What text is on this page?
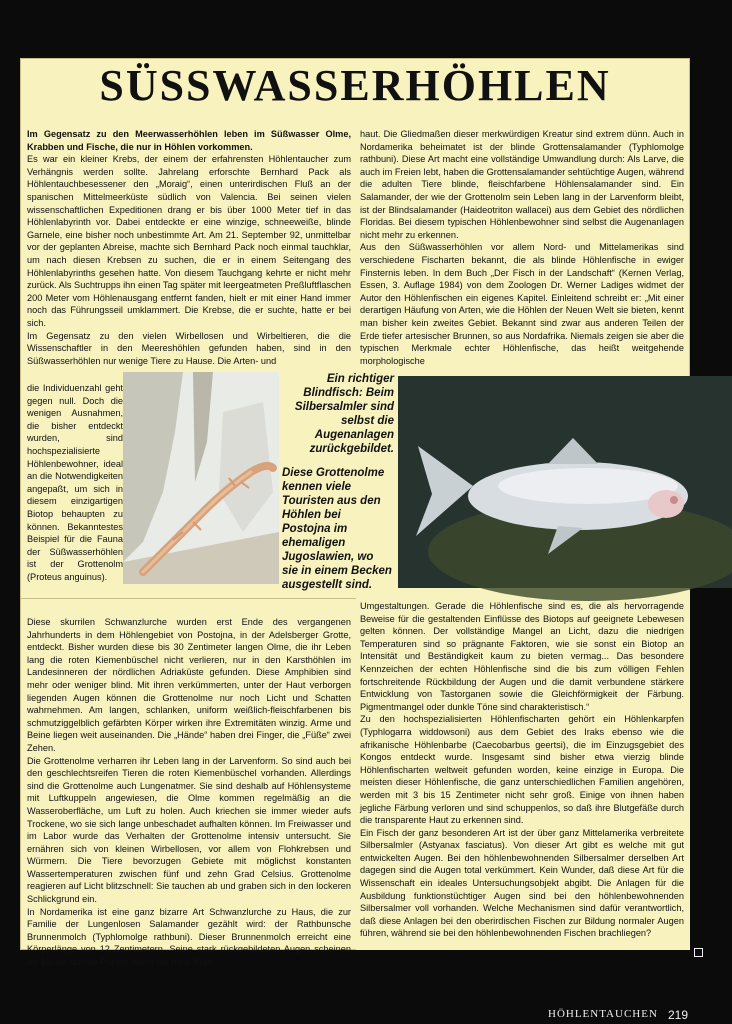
SÜSSWASSERHÖHLEN

Im Gegensatz zu den Meerwasserhöhlen leben im Süßwasser Olme, Krabben und Fische, die nur in Höhlen vorkommen.

Es war ein kleiner Krebs, der einem der erfahrensten Höhlentaucher zum Verhängnis werden sollte. Jahrelang erforschte Bernhard Pack als Höhlentauchbesessener den „Moraig“, einen unterirdischen Fluß an der spanischen Mittelmeerküste südlich von Valencia. Bei seinen vielen wissenschaftlichen Expeditionen drang er bis über 1000 Meter tief in das Höhlenlabyrinth vor. Dabei entdeckte er eine winzige, schneeweiße, blinde Garnele, eine bisher noch unbestimmte Art. Am 21. September 92, unmittelbar vor der geplanten Abreise, machte sich Bernhard Pack noch einmal tauchklar, um nach diesen Krebsen zu suchen, die er in einem Seitengang des Höhlenlabyrinths gesehen hatte. Von diesem Tauchgang kehrte er nicht mehr zurück. Als Suchtrupps ihn einen Tag später mit leergeatmeten Preßluftflaschen 200 Meter vom Höhlenausgang entfernt fanden, hielt er mit einer Hand immer noch das Führungsseil umklammert. Die Krebse, die er suchte, hatte er bei sich.

Im Gegensatz zu den vielen Wirbellosen und Wirbeltieren, die die Wissenschaftler in den Meereshöhlen gefunden haben, sind in den Süßwasserhöhlen nur wenige Tiere zu Hause. Die Arten- und

haut. Die Gliedmaßen dieser merkwürdigen Kreatur sind extrem dünn. Auch in Nordamerika beheimatet ist der blinde Grottensalamander (Typhlomolge rathbuni). Diese Art macht eine vollständige Umwandlung durch: Als Larve, die auch im Freien lebt, haben die Grottensalamander sehtüchtige Augen, während die adulten Tiere blinde, fleischfarbene Höhlensalamander sind. Ein Salamander, der wie der Grottenolm sein Leben lang in der Larvenform bleibt, ist der Blindsalamander (Haideotriton wallacei) aus dem Gebiet des nördlichen Floridas. Bei diesem typischen Höhlenbewohner sind selbst die Augenanlagen nicht mehr zu erkennen.

Aus den Süßwasserhöhlen vor allem Nord- und Mittelamerikas sind verschiedene Fischarten bekannt, die als blinde Höhlenfische in ewiger Finsternis leben. In dem Buch „Der Fisch in der Landschaft“ (Kernen Verlag, Essen, 3. Auflage 1984) von dem Zoologen Dr. Werner Ladiges widmet der Autor den Höhlenfischen ein eigenes Kapitel. Einleitend schreibt er: „Mit einer derartigen Häufung von Arten, wie die Höhlen der Neuen Welt sie bieten, kennt man bisher kein zweites Gebiet. Bekannt sind zwar aus anderen Teilen der Erde tiefer artesischer Brunnen, so aus Nordafrika. Niemals zeigen sie aber die typischen Merkmale echter Höhlenfische, das heißt weitgehende morphologische

die Individuenzahl geht gegen null. Doch die wenigen Ausnahmen, die bisher entdeckt wurden, sind hochspezialisierte Höhlenbewohner, ideal an die Notwendigkeiten angepaßt, um sich in diesem einzigartigen Biotop behaupten zu können. Bekanntestes Beispiel für die Fauna der Süßwasserhöhlen ist der Grottenolm (Proteus anguinus).

Diese skurrilen Schwanzlurche wurden erst Ende des vergangenen Jahrhunderts in dem Höhlengebiet von Postojna, in der Adelsberger Grotte, entdeckt. Bisher wurden diese bis 30 Zentimeter langen Olme, die ihr Leben lang die roten Kiemenbüschel nicht verlieren, nur in den Karsthöhlen im Landesinneren der nördlichen Adriaküste gefunden. Diese Amphibien sind mehr oder weniger blind. Mit ihren verkümmerten, unter der Haut verborgen liegenden Augen können die Grottenolme nur noch Licht und Schatten wahrnehmen. Am langen, schlanken, uniform weißlich-fleischfarbenen bis schmutziggelblich gefärbten Körper wirken ihre Extremitäten winzig. Arme und Beine liegen weit auseinanden. Die „Hände“ haben drei Finger, die „Füße“ zwei Zehen.

Die Grottenolme verharren ihr Leben lang in der Larvenform. So sind auch bei den geschlechtsreifen Tieren die roten Kiemenbüschel vorhanden. Allerdings sind die Grottenolme auch Lungenatmer. Sie sind deshalb auf Höhlensysteme mit Luftkuppeln angewiesen, die Olme kommen regelmäßig an die Wasseroberfläche, um Luft zu holen. Auch kriechen sie immer wieder aufs Trockene, wo sie sich lange unbeschadet aufhalten können. Im Freiwasser und im Labor wurde das Verhalten der Grottenolme intensiv untersucht. Sie ernähren sich von kleinen Wirbellosen, vor allem von Flohkrebsen und Würmern. Die Tiere bevorzugen Gebiete mit möglichst konstanten Wassertemperaturen zwischen fünf und zehn Grad Celsius. Grottenolme reagieren auf Licht blitzschnell: Sie tauchen ab und graben sich in den lockeren Schlickgrund ein.

In Nordamerika ist eine ganz bizarre Art Schwanzlurche zu Haus, die zur Familie der Lungenlosen Salamander gezählt wird: der Rathbunsche Brunnenmolch (Typhlomolge rathbuni). Dieser Brunnenmolch erreicht eine Körperlänge von 12 Zentimetern. Seine stark rückgebildeten Augen scheinen als kleine, dunkle Punkte durch die helle Kopf-

Umgestaltungen. Gerade die Höhlenfische sind es, die als hervorragende Beweise für die gestaltenden Einflüsse des Biotops auf geeignete Lebewesen gelten können. Der vollständige Mangel an Licht, dazu die niedrigen Temperaturen sind so prägnante Faktoren, wie sie sonst ein Biotop an Intensität und Beständigkeit kaum zu bieten vermag... Das besondere Kennzeichen der echten Höhlenfische sind die bis zum völligen Fehlen fortschreitende Rückbildung der Augen und die damit verbundene stärkere Entwicklung von Tastorganen sowie die Gleichförmigkeit der Färbung. Pigmentmangel oder dunkle Töne sind charakteristisch.“

Zu den hochspezialisierten Höhlenfischarten gehört ein Höhlenkarpfen (Typhlogarra widdowsoni) aus dem Gebiet des Iraks ebenso wie die afrikanische Höhlenbarbe (Caecobarbus geertsi), die im Einzugsgebiet des Kongos entdeckt wurde. Insgesamt sind bisher etwa vierzig blinde Höhlenfischarten weltweit gefunden worden, keine einzige in Europa. Die meisten dieser Höhlenfische, die ganz unterschiedlichen Familien angehören, werden mit 3 bis 15 Zentimeter nicht sehr groß. Einige von ihnen haben jegliche Färbung verloren und sind schuppenlos, so daß ihre Blutgefäße durch die transparente Haut zu erkennen sind.

Ein Fisch der ganz besonderen Art ist der über ganz Mittelamerika verbreitete Silbersalmler (Astyanax fasciatus). Von dieser Art gibt es welche mit gut entwickelten Augen. Bei den höhlenbewohnenden Silbersalmer derselben Art dagegen sind die Augen total verkümmert. Kein Wunder, daß diese Art für die Wissenschaft ein ideales Untersuchungsobjekt abgibt. Die Anlagen für die Ausbildung funktionstüchtiger Augen sind bei den höhlenbewohnenden Silbersalmer voll vorhanden. Welche Mechanismen sind dafür verantwortlich, daß diese Anlagen bei den oberirdischen Fischen zur Bildung normaler Augen führen, während sie bei den höhlenbewohnenden Fischen brachliegen?

Ein richtiger Blindfisch: Beim Silbersalmler sind selbst die Augenanlagen zurückgebildet.
Diese Grottenolme kennen viele Touristen aus den Höhlen bei Postojna im ehemaligen Jugoslawien, wo sie in einem Becken ausgestellt sind.
HÖHLENTAUCHEN 219
